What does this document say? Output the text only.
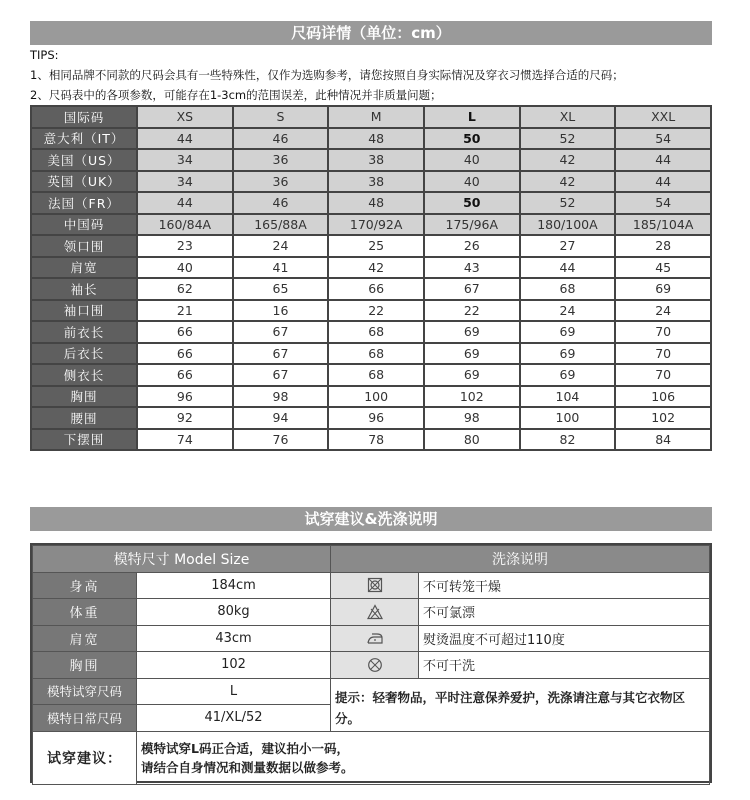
尺码详情（单位：cm）
TIPS:
1、相同品牌不同款的尺码会具有一些特殊性，仅作为选购参考，请您按照自身实际情况及穿衣习惯选择合适的尺码；
2、尺码表中的各项参数，可能存在1-3cm的范围误差，此种情况并非质量问题；
国际码	XS	S	M	L	XL	XXL
意大利（IT）	44	46	48	50	52	54
美国（US）	34	36	38	40	42	44
英国（UK）	34	36	38	40	42	44
法国（FR）	44	46	48	50	52	54
中国码	160/84A	165/88A	170/92A	175/96A	180/100A	185/104A
领口围	23	24	25	26	27	28
肩宽	40	41	42	43	44	45
袖长	62	65	66	67	68	69
袖口围	21	16	22	22	24	24
前衣长	66	67	68	69	69	70
后衣长	66	67	68	69	69	70
侧衣长	66	67	68	69	69	70
胸围	96	98	100	102	104	106
腰围	92	94	96	98	100	102
下摆围	74	76	78	80	82	84
试穿建议&洗涤说明
模特尺寸 Model Size		洗涤说明	
身高	184cm		不可转笼干燥
体重	80kg		不可氯漂
肩宽	43cm		熨烫温度不可超过110度
胸围	102		不可干洗
模特试穿尺码	L	提示：轻奢物品，平时注意保养爱护，洗涤请注意与其它衣物区分。	
模特日常尺码	41/XL/52		
试穿建议：	模特试穿L码正合适，建议拍小一码，
请结合自身情况和测量数据以做参考。		
